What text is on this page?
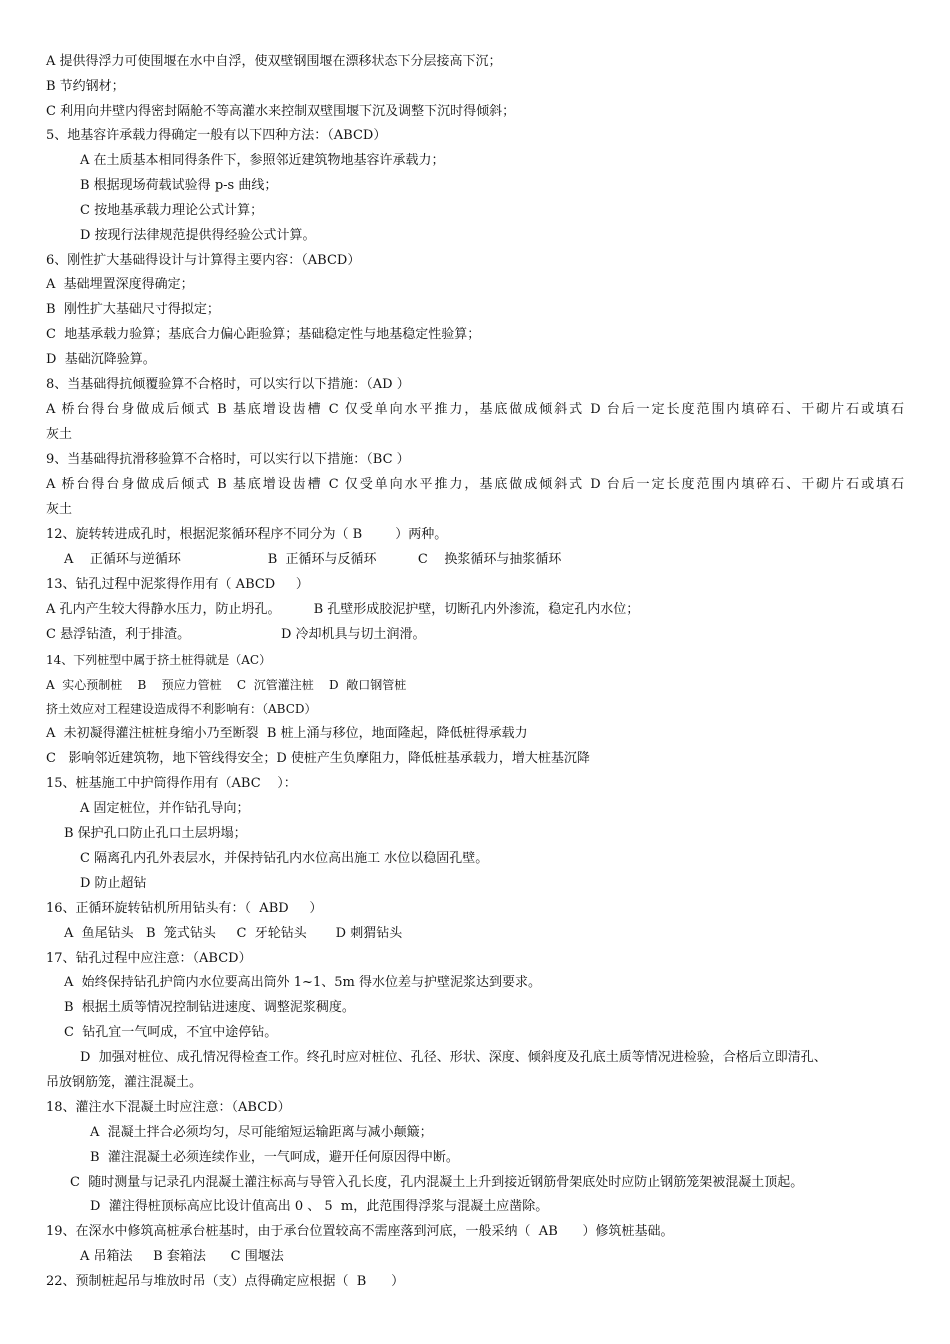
A 提供得浮力可使围堰在水中自浮，使双壁钢围堰在漂移状态下分层接高下沉；
B 节约钢材；
C 利用向井壁内得密封隔舱不等高灌水来控制双壁围堰下沉及调整下沉时得倾斜；
5、地基容许承载力得确定一般有以下四种方法：（ABCD）
A 在土质基本相同得条件下，参照邻近建筑物地基容许承载力；
B 根据现场荷载试验得 p-s 曲线；
C 按地基承载力理论公式计算；
D 按现行法律规范提供得经验公式计算。
6、刚性扩大基础得设计与计算得主要内容：（ABCD）
A  基础埋置深度得确定；
B  刚性扩大基础尺寸得拟定；
C  地基承载力验算；基底合力偏心距验算；基础稳定性与地基稳定性验算；
D  基础沉降验算。
8、当基础得抗倾覆验算不合格时，可以实行以下措施：（AD ）
A 桥台得台身做成后倾式 B 基底增设齿槽 C 仅受单向水平推力，基底做成倾斜式 D 台后一定长度范围内填碎石、干砌片石或填石
灰土
9、当基础得抗滑移验算不合格时，可以实行以下措施：（BC ）
A 桥台得台身做成后倾式 B 基底增设齿槽 C 仅受单向水平推力，基底做成倾斜式 D 台后一定长度范围内填碎石、干砌片石或填石
灰土
12、旋转转进成孔时，根据泥浆循环程序不同分为（ B        ）两种。
A    正循环与逆循环                     B  正循环与反循环          C    换浆循环与抽浆循环
13、钻孔过程中泥浆得作用有（ ABCD     ）
A 孔内产生较大得静水压力，防止坍孔。        B 孔壁形成胶泥护壁，切断孔内外渗流，稳定孔内水位；
C 悬浮钻渣，利于排渣。                      D 冷却机具与切土润滑。
14、下列桩型中属于挤土桩得就是（AC）
A  实心预制桩    B    预应力管桩    C  沉管灌注桩    D  敞口钢管桩
挤土效应对工程建设造成得不利影响有：（ABCD）
A  未初凝得灌注桩桩身缩小乃至断裂  B 桩上涌与移位，地面隆起，降低桩得承载力
C   影响邻近建筑物，地下管线得安全；D 使桩产生负摩阻力，降低桩基承载力，增大桩基沉降
15、桩基施工中护筒得作用有（ABC    ）：
A 固定桩位，并作钻孔导向；
B 保护孔口防止孔口土层坍塌；
C 隔离孔内孔外表层水，并保持钻孔内水位高出施工 水位以稳固孔壁。
D 防止超钻
16、正循环旋转钻机所用钻头有：（  ABD     ）
A  鱼尾钻头   B  笼式钻头     C  牙轮钻头       D 刺猬钻头
17、钻孔过程中应注意：（ABCD）
A  始终保持钻孔护筒内水位要高出筒外 1~1、5m 得水位差与护壁泥浆达到要求。
B  根据土质等情况控制钻进速度、调整泥浆稠度。
C  钻孔宜一气呵成，不宜中途停钻。
D  加强对桩位、成孔情况得检查工作。终孔时应对桩位、孔径、形状、深度、倾斜度及孔底土质等情况进检验，合格后立即清孔、
吊放钢筋笼，灌注混凝土。
18、灌注水下混凝土时应注意：（ABCD）
A  混凝土拌合必须均匀，尽可能缩短运输距离与减小颠簸；
B  灌注混凝土必须连续作业，一气呵成，避开任何原因得中断。
C  随时测量与记录孔内混凝土灌注标高与导管入孔长度，孔内混凝土上升到接近钢筋骨架底处时应防止钢筋笼架被混凝土顶起。
D  灌注得桩顶标高应比设计值高出 0 、 5  m，此范围得浮浆与混凝土应凿除。
19、在深水中修筑高桩承台桩基时，由于承台位置较高不需座落到河底，一般采纳（  AB      ）修筑桩基础。
A 吊箱法     B 套箱法      C 围堰法
22、预制桩起吊与堆放时吊（支）点得确定应根据（  B      ）
